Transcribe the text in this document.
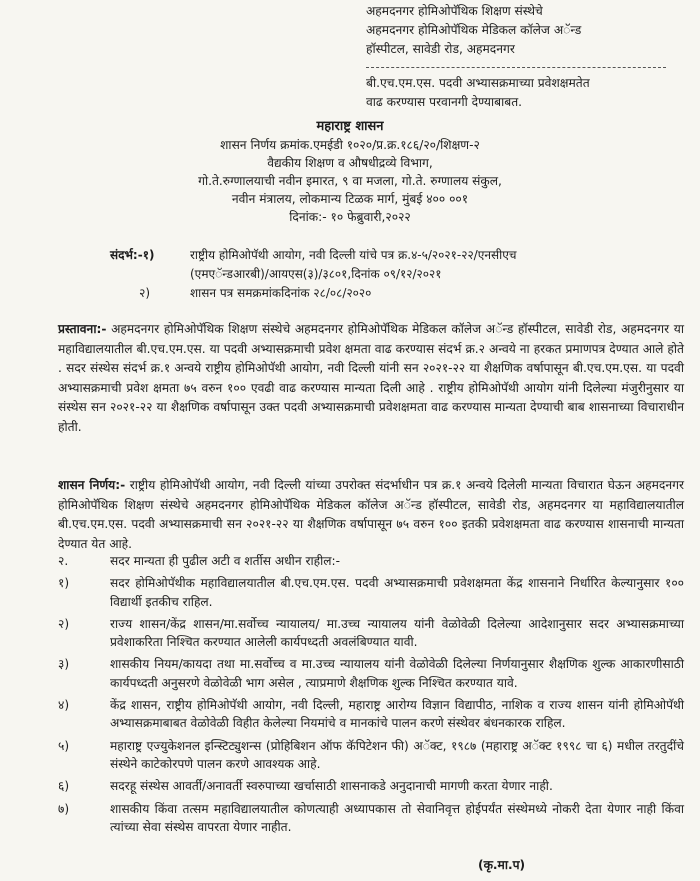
अहमदनगर होमिओपॅथिक शिक्षण संस्थेचे
अहमदनगर होमिओपॅथिक मेडिकल कॉलेज अॅन्ड
हॉस्पीटल, सावेडी रोड, अहमदनगर
बी.एच.एम.एस. पदवी अभ्यासक्रमाच्या प्रवेशक्षमतेत
वाढ करण्यास परवानगी देण्याबाबत.
महाराष्ट्र शासन
शासन निर्णय क्रमांक.एमईडी १०२०/प्र.क्र.१८६/२०/शिक्षण-२
वैद्यकीय शिक्षण व औषधीद्रव्ये विभाग,
गो.ते.रुग्णालयाची नवीन इमारत, ९ वा मजला, गो.ते. रुग्णालय संकुल,
नवीन मंत्रालय, लोकमान्य टिळक मार्ग, मुंबई ४०० ००१
दिनांक:- १० फेब्रुवारी,२०२२
संदर्भ:-१)	राष्ट्रीय होमिओपॅथी आयोग, नवी दिल्ली यांचे पत्र क्र.४-५/२०२१-२२/एनसीएच
(एमएॅन्डआरबी)/आयएस(३)/३८०१,दिनांक ०९/१२/२०२१
२)	शासन पत्र समक्रमांकदिनांक २८/०८/२०२०

प्रस्तावना:- अहमदनगर होमिओपॅथिक शिक्षण संस्थेचे अहमदनगर होमिओपॅथिक मेडिकल कॉलेज अॅन्ड हॉस्पीटल, सावेडी रोड, अहमदनगर या महाविद्यालयातील बी.एच.एम.एस. या पदवी अभ्यासक्रमाची प्रवेश क्षमता वाढ करण्यास संदर्भ क्र.२ अन्वये ना हरकत प्रमाणपत्र देण्यात आले होते . सदर संस्थेस संदर्भ क्र.१ अन्वये राष्ट्रीय होमिओपॅथी आयोग, नवी दिल्ली यांनी सन २०२१-२२ या शैक्षणिक वर्षापासून बी.एच.एम.एस. या पदवी अभ्यासक्रमाची प्रवेश क्षमता ७५ वरुन १०० एवढी वाढ करण्यास मान्यता दिली आहे . राष्ट्रीय होमिओपॅथी आयोग यांनी दिलेल्या मंजुरीनुसार या संस्थेस सन २०२१-२२ या शैक्षणिक वर्षापासून उक्त पदवी अभ्यासक्रमाची प्रवेशक्षमता वाढ करण्यास मान्यता देण्याची बाब शासनाच्या विचाराधीन होती.

शासन निर्णय:- राष्ट्रीय होमिओपॅथी आयोग, नवी दिल्ली यांच्या उपरोक्त संदर्भाधीन पत्र क्र.१ अन्वये दिलेली मान्यता विचारात घेऊन अहमदनगर होमिओपॅथिक शिक्षण संस्थेचे अहमदनगर होमिओपॅथिक मेडिकल कॉलेज अॅन्ड हॉस्पीटल, सावेडी रोड, अहमदनगर या महाविद्यालयातील बी.एच.एम.एस. पदवी अभ्यासक्रमाची सन २०२१-२२ या शैक्षणिक वर्षापासून ७५ वरुन १०० इतकी प्रवेशक्षमता वाढ करण्यास शासनाची मान्यता देण्यात येत आहे.

२.	सदर मान्यता ही पुढील अटी व शर्तीस अधीन राहील:-
१)	सदर होमिओपॅथीक महाविद्यालयातील बी.एच.एम.एस. पदवी अभ्यासक्रमाची प्रवेशक्षमता केंद्र शासनाने निर्धारित केल्यानुसार १०० विद्यार्थी इतकीच राहिल.
२)	राज्य शासन/केंद्र शासन/मा.सर्वोच्च न्यायालय/ मा.उच्च न्यायालय यांनी वेळोवेळी दिलेल्या आदेशानुसार सदर अभ्यासक्रमाच्या प्रवेशाकरिता निश्चित करण्यात आलेली कार्यपध्दती अवलंबिण्यात यावी.
३)	शासकीय नियम/कायदा तथा मा.सर्वोच्च व मा.उच्च न्यायालय यांनी वेळोवेळी दिलेल्या निर्णयानुसार शैक्षणिक शुल्क आकारणीसाठी कार्यपध्दती अनुसरणे वेळोवेळी भाग असेल , त्याप्रमाणे शैक्षणिक शुल्क निश्चित करण्यात यावे.
४)	केंद्र शासन, राष्ट्रीय होमिओपॅथी आयोग, नवी दिल्ली, महाराष्ट्र आरोग्य विज्ञान विद्यापीठ, नाशिक व राज्य शासन यांनी होमिओपॅथी अभ्यासक्रमाबाबत वेळोवेळी विहीत केलेल्या नियमांचे व मानकांचे पालन करणे संस्थेवर बंधनकारक राहिल.
५)	महाराष्ट्र एज्युकेशनल इन्स्टिट्युशन्स (प्रोहिबिशन ऑफ कॅपिटेशन फी) अॅक्ट, १९८७ (महाराष्ट्र अॅक्ट १९९८ चा ६) मधील तरतुदींचे संस्थेने काटेकोरपणे पालन करणे आवश्यक आहे.
६)	सदरहू संस्थेस आवर्ती/अनावर्ती स्वरुपाच्या खर्चासाठी शासनाकडे अनुदानाची मागणी करता येणार नाही.
७)	शासकीय किंवा तत्सम महाविद्यालयातील कोणत्याही अध्यापकास तो सेवानिवृत्त होईपर्यंत संस्थेमध्ये नोकरी देता येणार नाही किंवा त्यांच्या सेवा संस्थेस वापरता येणार नाहीत.
(कृ.मा.प)
